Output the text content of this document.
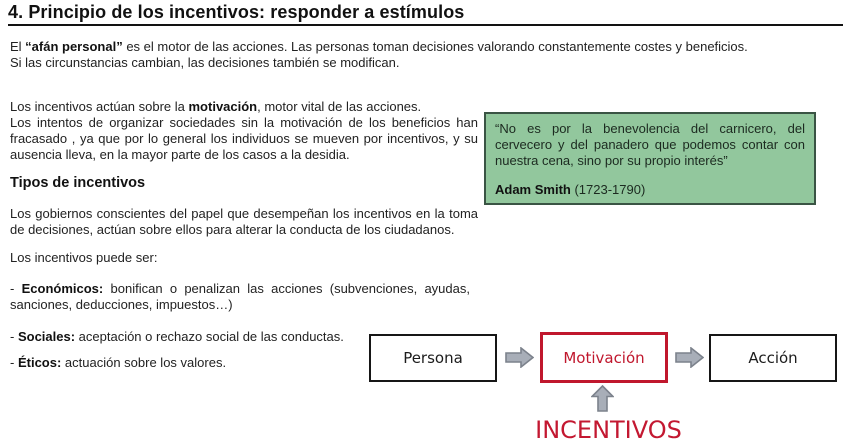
4. Principio de los incentivos: responder a estímulos
El “afán personal” es el motor de las acciones. Las personas toman decisiones valorando constantemente costes y beneficios.
Si las circunstancias cambian, las decisiones también se modifican.
Los incentivos actúan sobre la motivación, motor vital de las acciones.
Los intentos de organizar sociedades sin la motivación de los beneficios han fracasado , ya que por lo general los individuos se mueven por incentivos, y su ausencia lleva, en la mayor parte de los casos a la desidia.
Tipos de incentivos
Los gobiernos conscientes del papel que desempeñan los incentivos en la toma de decisiones, actúan sobre ellos para alterar la conducta de los ciudadanos.
Los incentivos puede ser:
- Económicos: bonifican o penalizan las acciones (subvenciones, ayudas, sanciones, deducciones, impuestos…)
- Sociales: aceptación o rechazo social de las conductas.
- Éticos: actuación sobre los valores.
“No es por la benevolencia del carnicero, del cervecero y del panadero que podemos contar con nuestra cena, sino por su propio interés”
Adam Smith (1723-1790)
Persona	Motivación	Acción
INCENTIVOS
